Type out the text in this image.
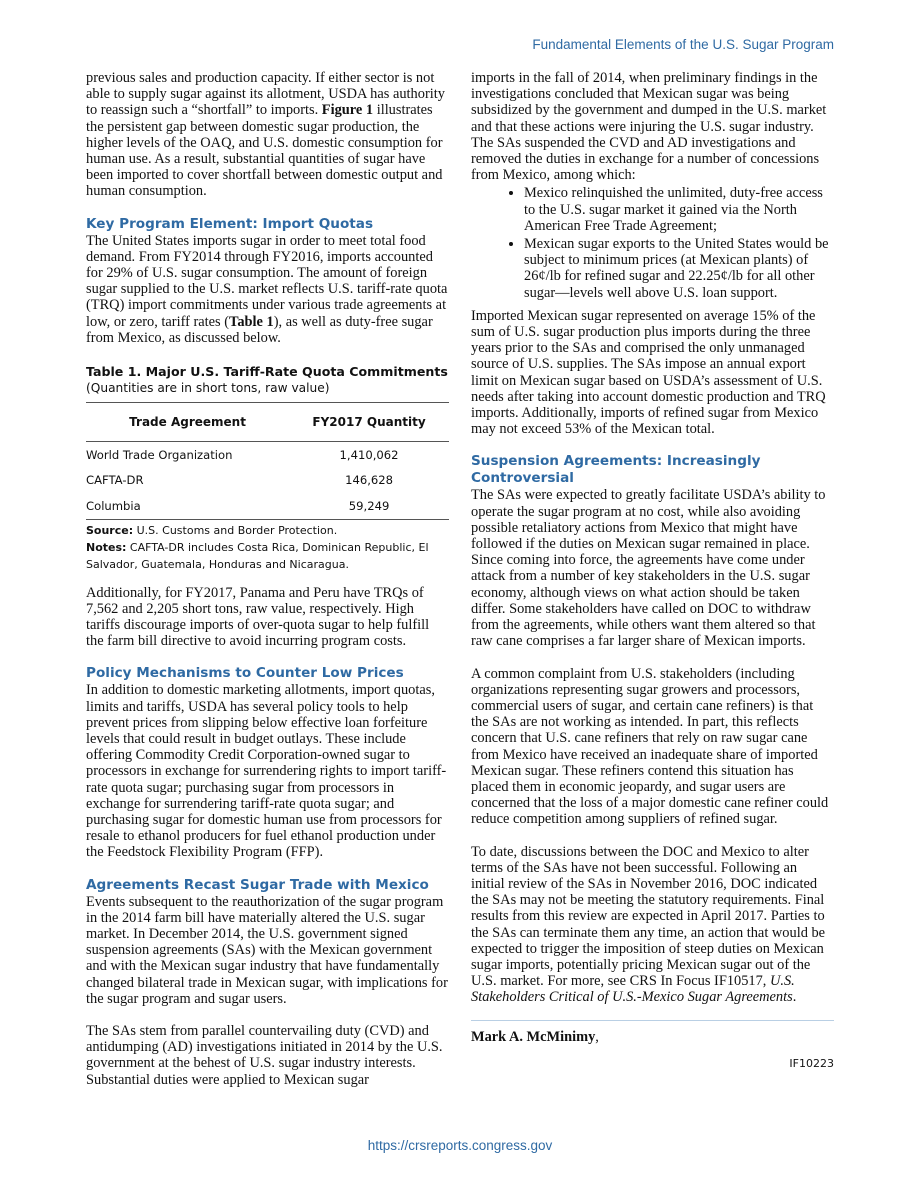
Fundamental Elements of the U.S. Sugar Program

previous sales and production capacity. If either sector is not able to supply sugar against its allotment, USDA has authority to reassign such a “shortfall” to imports. Figure 1 illustrates the persistent gap between domestic sugar production, the higher levels of the OAQ, and U.S. domestic consumption for human use. As a result, substantial quantities of sugar have been imported to cover shortfall between domestic output and human consumption.

Key Program Element: Import Quotas

The United States imports sugar in order to meet total food demand. From FY2014 through FY2016, imports accounted for 29% of U.S. sugar consumption. The amount of foreign sugar supplied to the U.S. market reflects U.S. tariff-rate quota (TRQ) import commitments under various trade agreements at low, or zero, tariff rates (Table 1), as well as duty-free sugar from Mexico, as discussed below.

Table 1. Major U.S. Tariff-Rate Quota Commitments
(Quantities are in short tons, raw value)
Trade Agreement	FY2017 Quantity
World Trade Organization	1,410,062
CAFTA-DR	146,628
Columbia	59,249
Source: U.S. Customs and Border Protection.
Notes: CAFTA-DR includes Costa Rica, Dominican Republic, El Salvador, Guatemala, Honduras and Nicaragua.

Additionally, for FY2017, Panama and Peru have TRQs of 7,562 and 2,205 short tons, raw value, respectively. High tariffs discourage imports of over-quota sugar to help fulfill the farm bill directive to avoid incurring program costs.

Policy Mechanisms to Counter Low Prices

In addition to domestic marketing allotments, import quotas, limits and tariffs, USDA has several policy tools to help prevent prices from slipping below effective loan forfeiture levels that could result in budget outlays. These include offering Commodity Credit Corporation-owned sugar to processors in exchange for surrendering rights to import tariff-rate quota sugar; purchasing sugar from processors in exchange for surrendering tariff-rate quota sugar; and purchasing sugar for domestic human use from processors for resale to ethanol producers for fuel ethanol production under the Feedstock Flexibility Program (FFP).

Agreements Recast Sugar Trade with Mexico

Events subsequent to the reauthorization of the sugar program in the 2014 farm bill have materially altered the U.S. sugar market. In December 2014, the U.S. government signed suspension agreements (SAs) with the Mexican government and with the Mexican sugar industry that have fundamentally changed bilateral trade in Mexican sugar, with implications for the sugar program and sugar users.

The SAs stem from parallel countervailing duty (CVD) and antidumping (AD) investigations initiated in 2014 by the U.S. government at the behest of U.S. sugar industry interests. Substantial duties were applied to Mexican sugar

imports in the fall of 2014, when preliminary findings in the investigations concluded that Mexican sugar was being subsidized by the government and dumped in the U.S. market and that these actions were injuring the U.S. sugar industry. The SAs suspended the CVD and AD investigations and removed the duties in exchange for a number of concessions from Mexico, among which:

• Mexico relinquished the unlimited, duty-free access to the U.S. sugar market it gained via the North American Free Trade Agreement;
• Mexican sugar exports to the United States would be subject to minimum prices (at Mexican plants) of 26¢/lb for refined sugar and 22.25¢/lb for all other sugar—levels well above U.S. loan support.

Imported Mexican sugar represented on average 15% of the sum of U.S. sugar production plus imports during the three years prior to the SAs and comprised the only unmanaged source of U.S. supplies. The SAs impose an annual export limit on Mexican sugar based on USDA’s assessment of U.S. needs after taking into account domestic production and TRQ imports. Additionally, imports of refined sugar from Mexico may not exceed 53% of the Mexican total.

Suspension Agreements: Increasingly Controversial

The SAs were expected to greatly facilitate USDA’s ability to operate the sugar program at no cost, while also avoiding possible retaliatory actions from Mexico that might have followed if the duties on Mexican sugar remained in place. Since coming into force, the agreements have come under attack from a number of key stakeholders in the U.S. sugar economy, although views on what action should be taken differ. Some stakeholders have called on DOC to withdraw from the agreements, while others want them altered so that raw cane comprises a far larger share of Mexican imports.

A common complaint from U.S. stakeholders (including organizations representing sugar growers and processors, commercial users of sugar, and certain cane refiners) is that the SAs are not working as intended. In part, this reflects concern that U.S. cane refiners that rely on raw sugar cane from Mexico have received an inadequate share of imported Mexican sugar. These refiners contend this situation has placed them in economic jeopardy, and sugar users are concerned that the loss of a major domestic cane refiner could reduce competition among suppliers of refined sugar.

To date, discussions between the DOC and Mexico to alter terms of the SAs have not been successful. Following an initial review of the SAs in November 2016, DOC indicated the SAs may not be meeting the statutory requirements. Final results from this review are expected in April 2017. Parties to the SAs can terminate them any time, an action that would be expected to trigger the imposition of steep duties on Mexican sugar imports, potentially pricing Mexican sugar out of the U.S. market. For more, see CRS In Focus IF10517, U.S. Stakeholders Critical of U.S.-Mexico Sugar Agreements.

Mark A. McMinimy,
IF10223
https://crsreports.congress.gov
